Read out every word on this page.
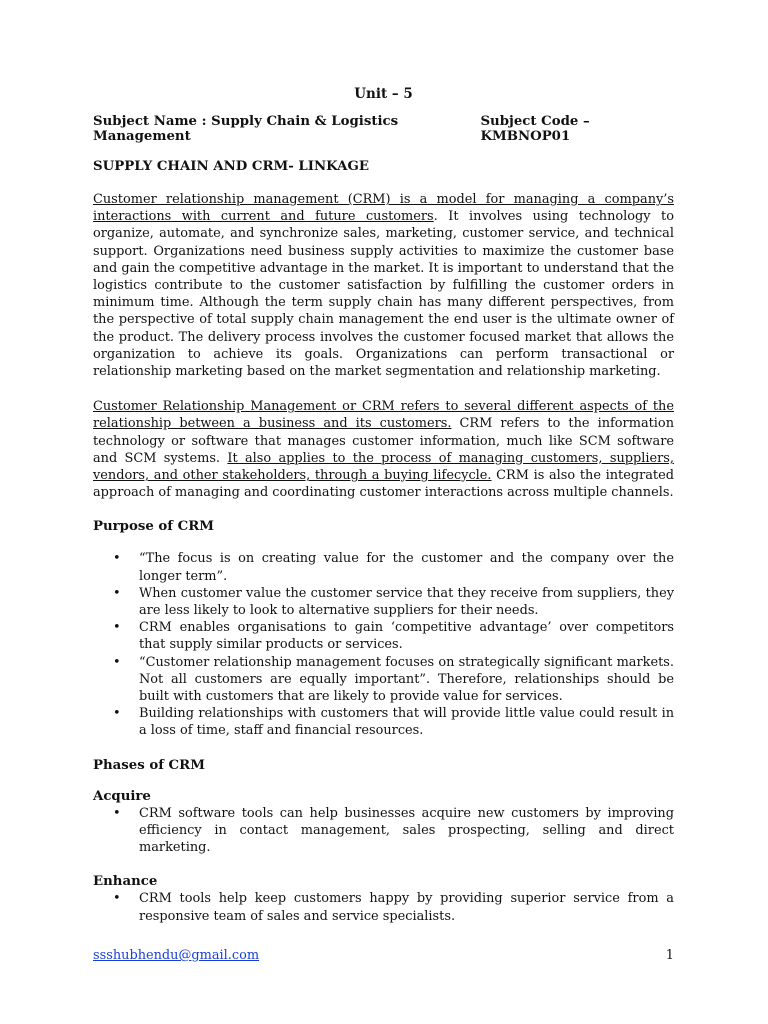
Unit – 5
Subject Name : Supply Chain & Logistics Management
Subject Code – KMBNOP01
SUPPLY CHAIN AND CRM- LINKAGE

Customer relationship management (CRM) is a model for managing a company’s interactions with current and future customers. It involves using technology to organize, automate, and synchronize sales, marketing, customer service, and technical support. Organizations need business supply activities to maximize the customer base and gain the competitive advantage in the market. It is important to understand that the logistics contribute to the customer satisfaction by fulfilling the customer orders in minimum time. Although the term supply chain has many different perspectives, from the perspective of total supply chain management the end user is the ultimate owner of the product. The delivery process involves the customer focused market that allows the organization to achieve its goals. Organizations can perform transactional or relationship marketing based on the market segmentation and relationship marketing.

Customer Relationship Management or CRM refers to several different aspects of the relationship between a business and its customers. CRM refers to the information technology or software that manages customer information, much like SCM software and SCM systems. It also applies to the process of managing customers, suppliers, vendors, and other stakeholders, through a buying lifecycle. CRM is also the integrated approach of managing and coordinating customer interactions across multiple channels.

Purpose of CRM
• “The focus is on creating value for the customer and the company over the longer term”.
• When customer value the customer service that they receive from suppliers, they are less likely to look to alternative suppliers for their needs.
• CRM enables organisations to gain ‘competitive advantage’ over competitors that supply similar products or services.
• “Customer relationship management focuses on strategically significant markets. Not all customers are equally important”. Therefore, relationships should be built with customers that are likely to provide value for services.
• Building relationships with customers that will provide little value could result in a loss of time, staff and financial resources.
Phases of CRM
Acquire
• CRM software tools can help businesses acquire new customers by improving efficiency in contact management, sales prospecting, selling and direct marketing.
Enhance
• CRM tools help keep customers happy by providing superior service from a responsive team of sales and service specialists.
ssshubhendu@gmail.com	1
